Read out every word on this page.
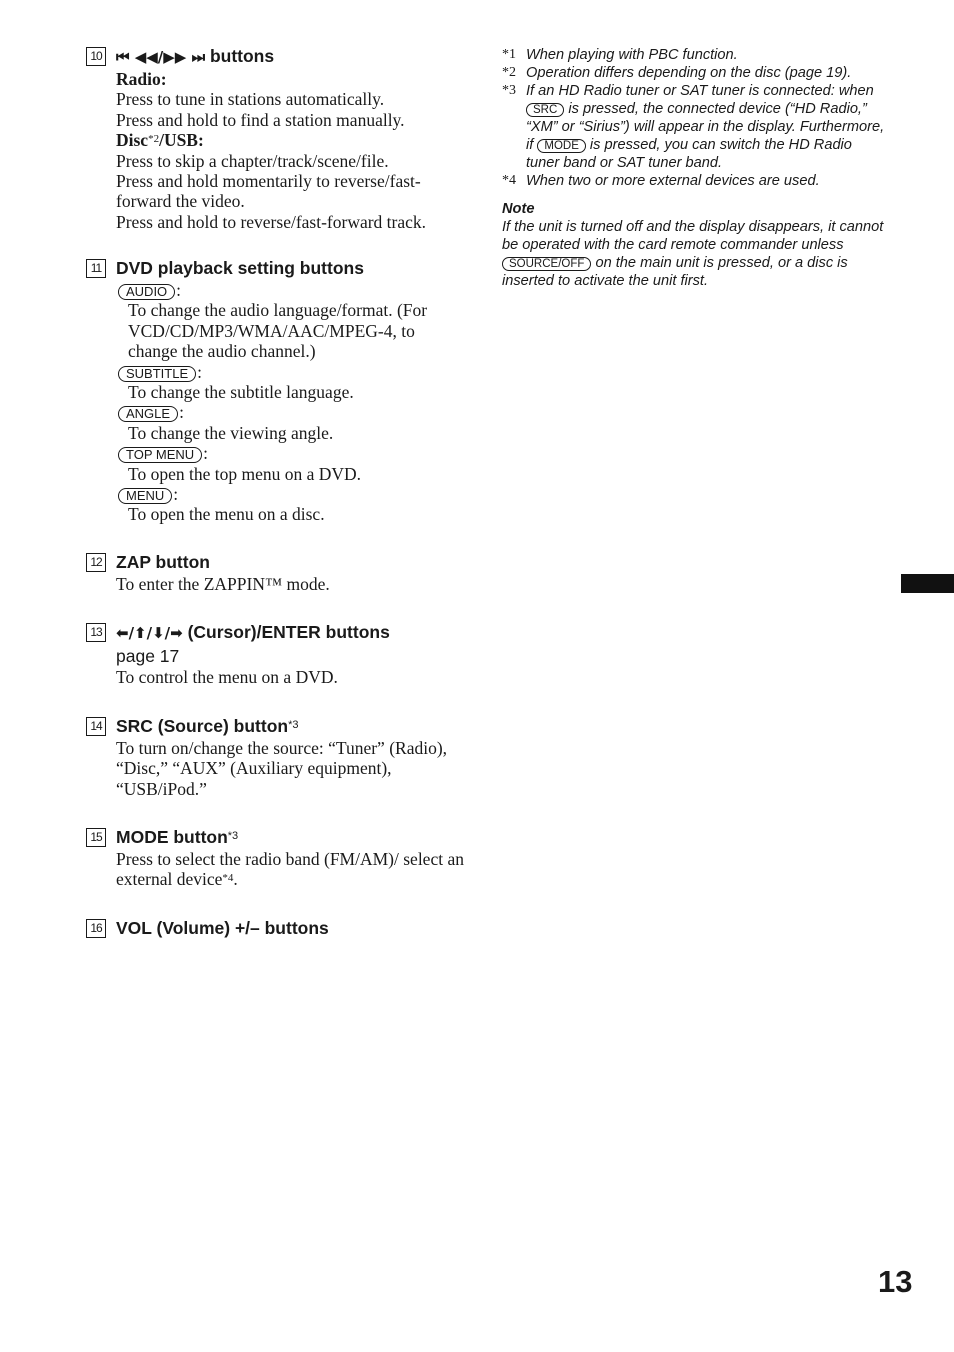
10 ⏮ ◀◀/▶▶ ⏭ buttons

Radio:

Press to tune in stations automatically.

Press and hold to find a station manually.

Disc$^{*2}$/USB:

Press to skip a chapter/track/scene/file.

Press and hold momentarily to reverse/fast-forward the video.

Press and hold to reverse/fast-forward track.

11 DVD playback setting buttons

AUDIO :

To change the audio language/format. (For VCD/CD/MP3/WMA/AAC/MPEG-4, to change the audio channel.)

SUBTITLE :

To change the subtitle language.

ANGLE :

To change the viewing angle.

TOP MENU :

To open the top menu on a DVD.

MENU :

To open the menu on a disc.

12 ZAP button
To enter the ZAPPIN™ mode.
13 ⬅/⬆/⬇/➡ (Cursor)/ENTER buttons
page 17
To control the menu on a DVD.
14 SRC (Source) button$^{*3}$
To turn on/change the source: “Tuner” (Radio), “Disc,” “AUX” (Auxiliary equipment), “USB/iPod.”
15 MODE button$^{*3}$
Press to select the radio band (FM/AM)/ select an external device$^{*4}$.
16 VOL (Volume) +/– buttons
*1 When playing with PBC function.
*2 Operation differs depending on the disc (page 19).
*3 If an HD Radio tuner or SAT tuner is connected: when SRC is pressed, the connected device (“HD Radio,” “XM” or “Sirius”) will appear in the display. Furthermore, if MODE is pressed, you can switch the HD Radio tuner band or SAT tuner band.
*4 When two or more external devices are used.
Note
If the unit is turned off and the display disappears, it cannot be operated with the card remote commander unless SOURCE/OFF on the main unit is pressed, or a disc is inserted to activate the unit first.
13
